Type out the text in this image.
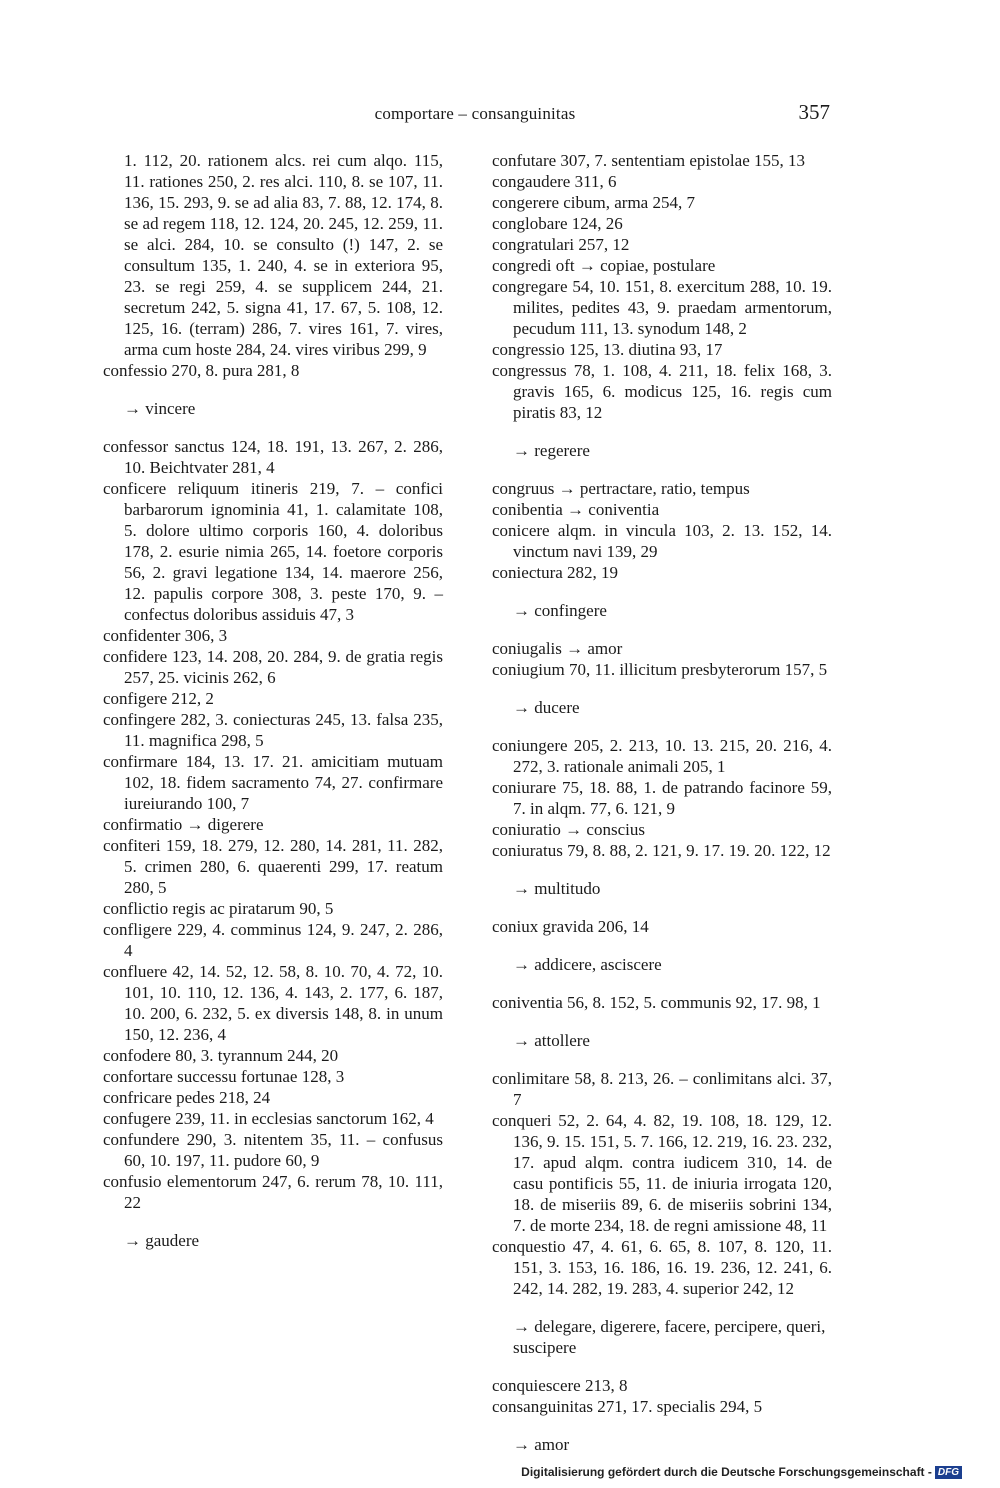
comportare – consanguinitas	357

1. 112, 20. rationem alcs. rei cum alqo. 115, 11. rationes 250, 2. res alci. 110, 8. se 107, 11. 136, 15. 293, 9. se ad alia 83, 7. 88, 12. 174, 8. se ad regem 118, 12. 124, 20. 245, 12. 259, 11. se alci. 284, 10. se consulto (!) 147, 2. se consultum 135, 1. 240, 4. se in exteriora 95, 23. se regi 259, 4. se supplicem 244, 21. secretum 242, 5. signa 41, 17. 67, 5. 108, 12. 125, 16. (terram) 286, 7. vires 161, 7. vires, arma cum hoste 284, 24. vires viribus 299, 9

confessio 270, 8. pura 281, 8

→ vincere

confessor sanctus 124, 18. 191, 13. 267, 2. 286, 10. Beichtvater 281, 4

conficere reliquum itineris 219, 7. – confici barbarorum ignominia 41, 1. calamitate 108, 5. dolore ultimo corporis 160, 4. doloribus 178, 2. esurie nimia 265, 14. foetore corporis 56, 2. gravi legatione 134, 14. maerore 256, 12. papulis corpore 308, 3. peste 170, 9. – confectus doloribus assiduis 47, 3

confidenter 306, 3

confidere 123, 14. 208, 20. 284, 9. de gratia regis 257, 25. vicinis 262, 6

configere 212, 2

confingere 282, 3. coniecturas 245, 13. falsa 235, 11. magnifica 298, 5

confirmare 184, 13. 17. 21. amicitiam mutuam 102, 18. fidem sacramento 74, 27. confirmare iureiurando 100, 7

confirmatio → digerere

confiteri 159, 18. 279, 12. 280, 14. 281, 11. 282, 5. crimen 280, 6. quaerenti 299, 17. reatum 280, 5

conflictio regis ac piratarum 90, 5

confligere 229, 4. comminus 124, 9. 247, 2. 286, 4

confluere 42, 14. 52, 12. 58, 8. 10. 70, 4. 72, 10. 101, 10. 110, 12. 136, 4. 143, 2. 177, 6. 187, 10. 200, 6. 232, 5. ex diversis 148, 8. in unum 150, 12. 236, 4

confodere 80, 3. tyrannum 244, 20

confortare successu fortunae 128, 3

confricare pedes 218, 24

confugere 239, 11. in ecclesias sanctorum 162, 4

confundere 290, 3. nitentem 35, 11. – confusus 60, 10. 197, 11. pudore 60, 9

confusio elementorum 247, 6. rerum 78, 10. 111, 22

→ gaudere

confutare 307, 7. sententiam epistolae 155, 13

congaudere 311, 6

congerere cibum, arma 254, 7

conglobare 124, 26

congratulari 257, 12

congredi oft → copiae, postulare

congregare 54, 10. 151, 8. exercitum 288, 10. 19. milites, pedites 43, 9. praedam armentorum, pecudum 111, 13. synodum 148, 2

congressio 125, 13. diutina 93, 17

congressus 78, 1. 108, 4. 211, 18. felix 168, 3. gravis 165, 6. modicus 125, 16. regis cum piratis 83, 12

→ regerere

congruus → pertractare, ratio, tempus

conibentia → coniventia

conicere alqm. in vincula 103, 2. 13. 152, 14. vinctum navi 139, 29

coniectura 282, 19

→ confingere

coniugalis → amor

coniugium 70, 11. illicitum presbyterorum 157, 5

→ ducere

coniungere 205, 2. 213, 10. 13. 215, 20. 216, 4. 272, 3. rationale animali 205, 1

coniurare 75, 18. 88, 1. de patrando facinore 59, 7. in alqm. 77, 6. 121, 9

coniuratio → conscius

coniuratus 79, 8. 88, 2. 121, 9. 17. 19. 20. 122, 12

→ multitudo

coniux gravida 206, 14

→ addicere, asciscere

coniventia 56, 8. 152, 5. communis 92, 17. 98, 1

→ attollere

conlimitare 58, 8. 213, 26. – conlimitans alci. 37, 7

conqueri 52, 2. 64, 4. 82, 19. 108, 18. 129, 12. 136, 9. 15. 151, 5. 7. 166, 12. 219, 16. 23. 232, 17. apud alqm. contra iudicem 310, 14. de casu pontificis 55, 11. de iniuria irrogata 120, 18. de miseriis 89, 6. de miseriis sobrini 134, 7. de morte 234, 18. de regni amissione 48, 11

conquestio 47, 4. 61, 6. 65, 8. 107, 8. 120, 11. 151, 3. 153, 16. 186, 16. 19. 236, 12. 241, 6. 242, 14. 282, 19. 283, 4. superior 242, 12

→ delegare, digerere, facere, percipere, queri, suscipere

conquiescere 213, 8

consanguinitas 271, 17. specialis 294, 5

→ amor

Digitalisierung gefördert durch die Deutsche Forschungsgemeinschaft - DFG
